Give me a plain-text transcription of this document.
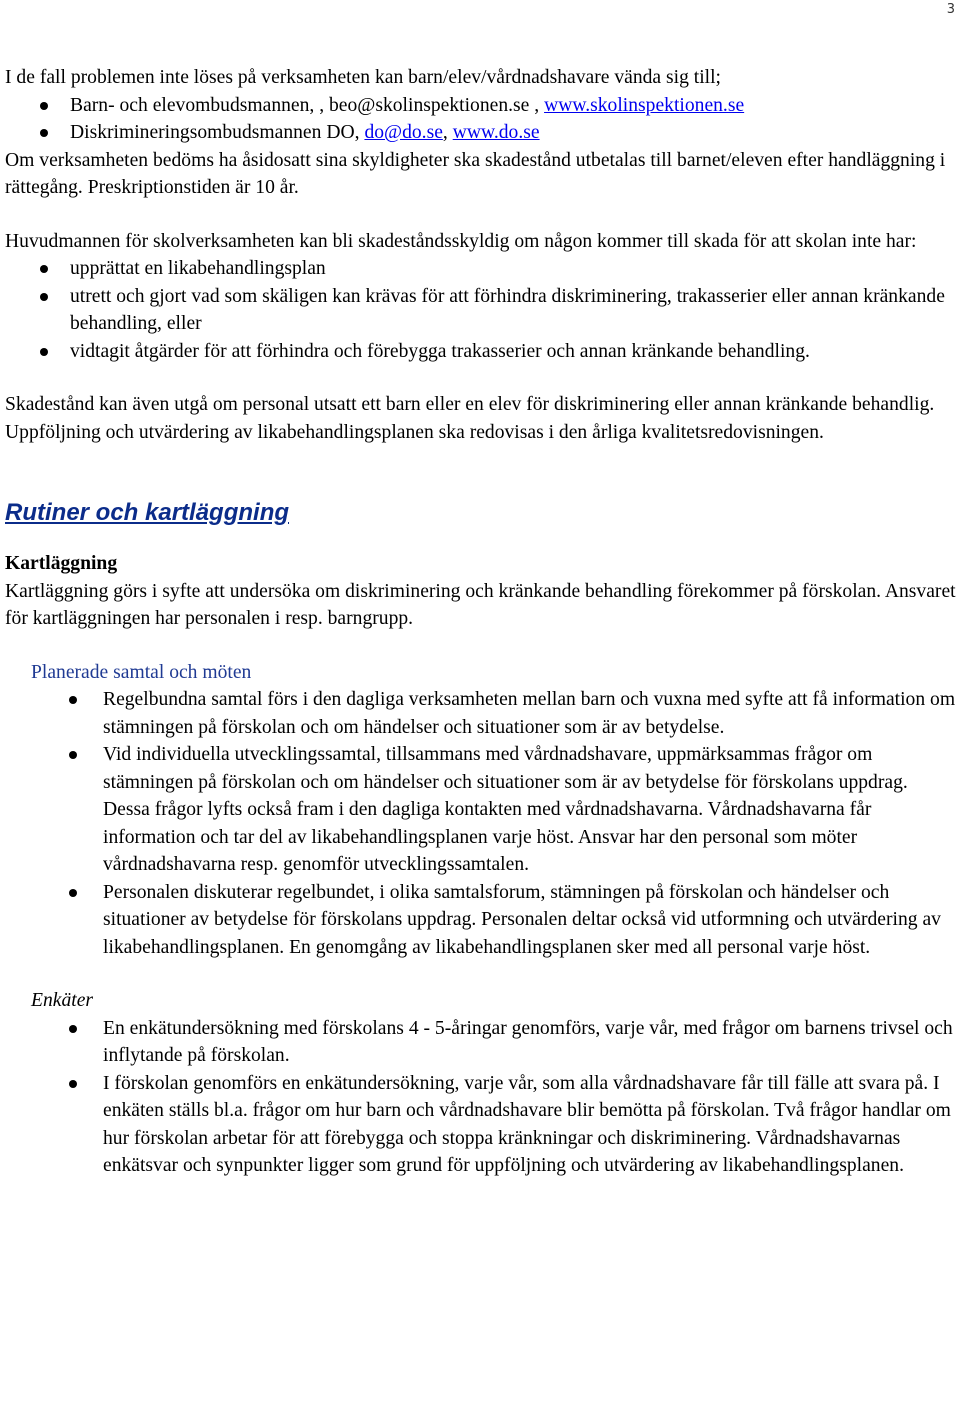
3

I de fall problemen inte löses på verksamheten kan barn/elev/vårdnadshavare vända sig till;

Barn- och elevombudsmannen, , beo@skolinspektionen.se , www.skolinspektionen.se
Diskrimineringsombudsmannen DO, do@do.se, www.do.se

Om verksamheten bedöms ha åsidosatt sina skyldigheter ska skadestånd utbetalas till barnet/eleven efter handläggning i rättegång. Preskriptionstiden är 10 år.

Huvudmannen för skolverksamheten kan bli skadeståndsskyldig om någon kommer till skada för att skolan inte har:

upprättat en likabehandlingsplan
utrett och gjort vad som skäligen kan krävas för att förhindra diskriminering, trakasserier eller annan kränkande behandling, eller
vidtagit åtgärder för att förhindra och förebygga trakasserier och annan kränkande behandling.

Skadestånd kan även utgå om personal utsatt ett barn eller en elev för diskriminering eller annan kränkande behandlig. Uppföljning och utvärdering av likabehandlingsplanen ska redovisas i den årliga kvalitetsredovisningen.

Rutiner och kartläggning
Kartläggning

Kartläggning görs i syfte att undersöka om diskriminering och kränkande behandling förekommer på förskolan. Ansvaret för kartläggningen har personalen i resp. barngrupp.

Planerade samtal och möten
Regelbundna samtal förs i den dagliga verksamheten mellan barn och vuxna med syfte att få information om stämningen på förskolan och om händelser och situationer som är av betydelse.
Vid individuella utvecklingssamtal, tillsammans med vårdnadshavare, uppmärksammas frågor om stämningen på förskolan och om händelser och situationer som är av betydelse för förskolans uppdrag. Dessa frågor lyfts också fram i den dagliga kontakten med vårdnadshavarna. Vårdnadshavarna får information och tar del av likabehandlingsplanen varje höst. Ansvar har den personal som möter vårdnadshavarna resp. genomför utvecklingssamtalen.
Personalen diskuterar regelbundet, i olika samtalsforum, stämningen på förskolan och händelser och situationer av betydelse för förskolans uppdrag. Personalen deltar också vid utformning och utvärdering av likabehandlingsplanen. En genomgång av likabehandlingsplanen sker med all personal varje höst.
Enkäter
En enkätundersökning med förskolans 4 - 5-åringar genomförs, varje vår, med frågor om barnens trivsel och inflytande på förskolan.
I förskolan genomförs en enkätundersökning, varje vår, som alla vårdnadshavare får till fälle att svara på. I enkäten ställs bl.a. frågor om hur barn och vårdnadshavare blir bemötta på förskolan. Två frågor handlar om hur förskolan arbetar för att förebygga och stoppa kränkningar och diskriminering. Vårdnadshavarnas enkätsvar och synpunkter ligger som grund för uppföljning och utvärdering av likabehandlingsplanen.
